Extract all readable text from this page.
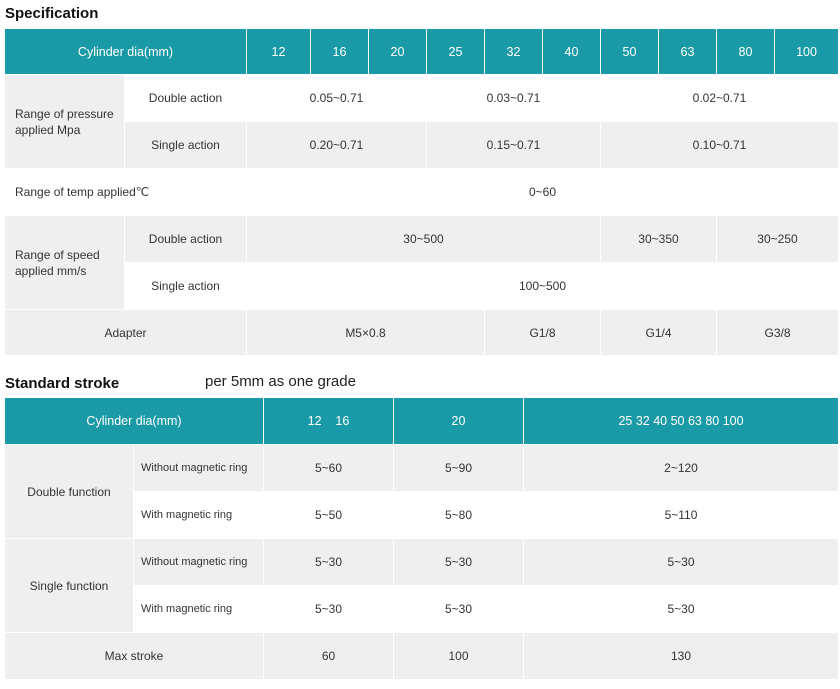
Specification
Cylinder dia(mm)		12	16	20	25	32	40	50	63	80	100
Range of pressure applied Mpa	Double action	0.05~0.71			0.03~0.71			0.02~0.71			
	Single action	0.20~0.71			0.15~0.71			0.10~0.71			
Range of temp applied℃		0~60									
Range of speed applied mm/s	Double action	30~500						30~350		30~250	
	Single action	100~500									
Adapter		M5×0.8				G1/8		G1/4		G3/8	
Standard stroke	per 5mm as one grade
Cylinder dia(mm)		12    16	20	25 32 40 50 63 80 100
Double function	Without magnetic ring	5~60	5~90	2~120
	With magnetic ring	5~50	5~80	5~110
Single function	Without magnetic ring	5~30	5~30	5~30
	With magnetic ring	5~30	5~30	5~30
Max stroke		60	100	130
